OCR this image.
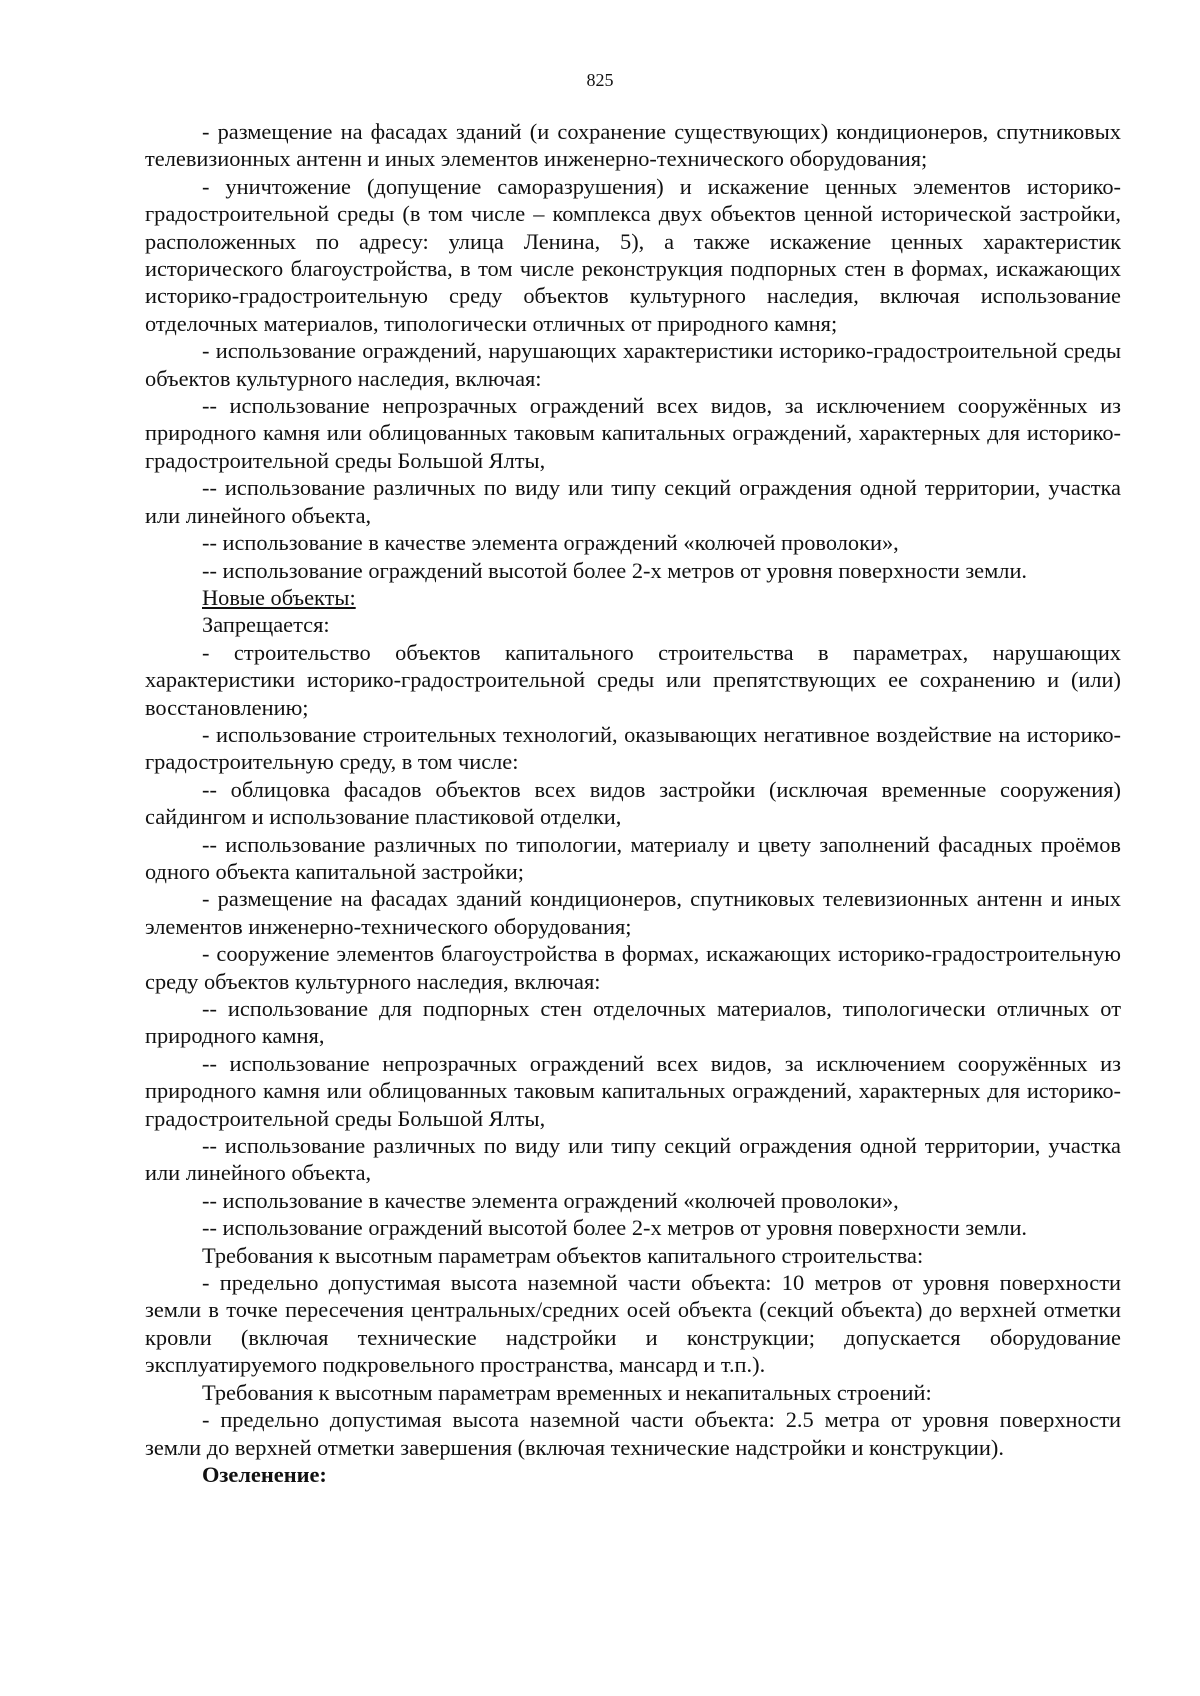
825

- размещение на фасадах зданий (и сохранение существующих) кондиционеров, спутниковых телевизионных антенн и иных элементов инженерно-технического оборудования;

- уничтожение (допущение саморазрушения) и искажение ценных элементов историко-градостроительной среды (в том числе – комплекса двух объектов ценной исторической застройки, расположенных по адресу: улица Ленина, 5), а также искажение ценных характеристик исторического благоустройства, в том числе реконструкция подпорных стен в формах, искажающих историко-градостроительную среду объектов культурного наследия, включая использование отделочных материалов, типологически отличных от природного камня;

- использование ограждений, нарушающих характеристики историко-градостроительной среды объектов культурного наследия, включая:

-- использование непрозрачных ограждений всех видов, за исключением сооружённых из природного камня или облицованных таковым капитальных ограждений, характерных для историко-градостроительной среды Большой Ялты,

-- использование различных по виду или типу секций ограждения одной территории, участка или линейного объекта,

-- использование в качестве элемента ограждений «колючей проволоки»,

-- использование ограждений высотой более 2-х метров от уровня поверхности земли.

Новые объекты:

Запрещается:

- строительство объектов капитального строительства в параметрах, нарушающих характеристики историко-градостроительной среды или препятствующих ее сохранению и (или) восстановлению;

- использование строительных технологий, оказывающих негативное воздействие на историко-градостроительную среду, в том числе:

-- облицовка фасадов объектов всех видов застройки (исключая временные сооружения) сайдингом и использование пластиковой отделки,

-- использование различных по типологии, материалу и цвету заполнений фасадных проёмов одного объекта капитальной застройки;

- размещение на фасадах зданий кондиционеров, спутниковых телевизионных антенн и иных элементов инженерно-технического оборудования;

- сооружение элементов благоустройства в формах, искажающих историко-градостроительную среду объектов культурного наследия, включая:

-- использование для подпорных стен отделочных материалов, типологически отличных от природного камня,

-- использование непрозрачных ограждений всех видов, за исключением сооружённых из природного камня или облицованных таковым капитальных ограждений, характерных для историко-градостроительной среды Большой Ялты,

-- использование различных по виду или типу секций ограждения одной территории, участка или линейного объекта,

-- использование в качестве элемента ограждений «колючей проволоки»,

-- использование ограждений высотой более 2-х метров от уровня поверхности земли.

Требования к высотным параметрам объектов капитального строительства:

- предельно допустимая высота наземной части объекта: 10 метров от уровня поверхности земли в точке пересечения центральных/средних осей объекта (секций объекта) до верхней отметки кровли (включая технические надстройки и конструкции; допускается оборудование эксплуатируемого подкровельного пространства, мансард и т.п.).

Требования к высотным параметрам временных и некапитальных строений:

- предельно допустимая высота наземной части объекта: 2.5 метра от уровня поверхности земли до верхней отметки завершения (включая технические надстройки и конструкции).

Озеленение:
